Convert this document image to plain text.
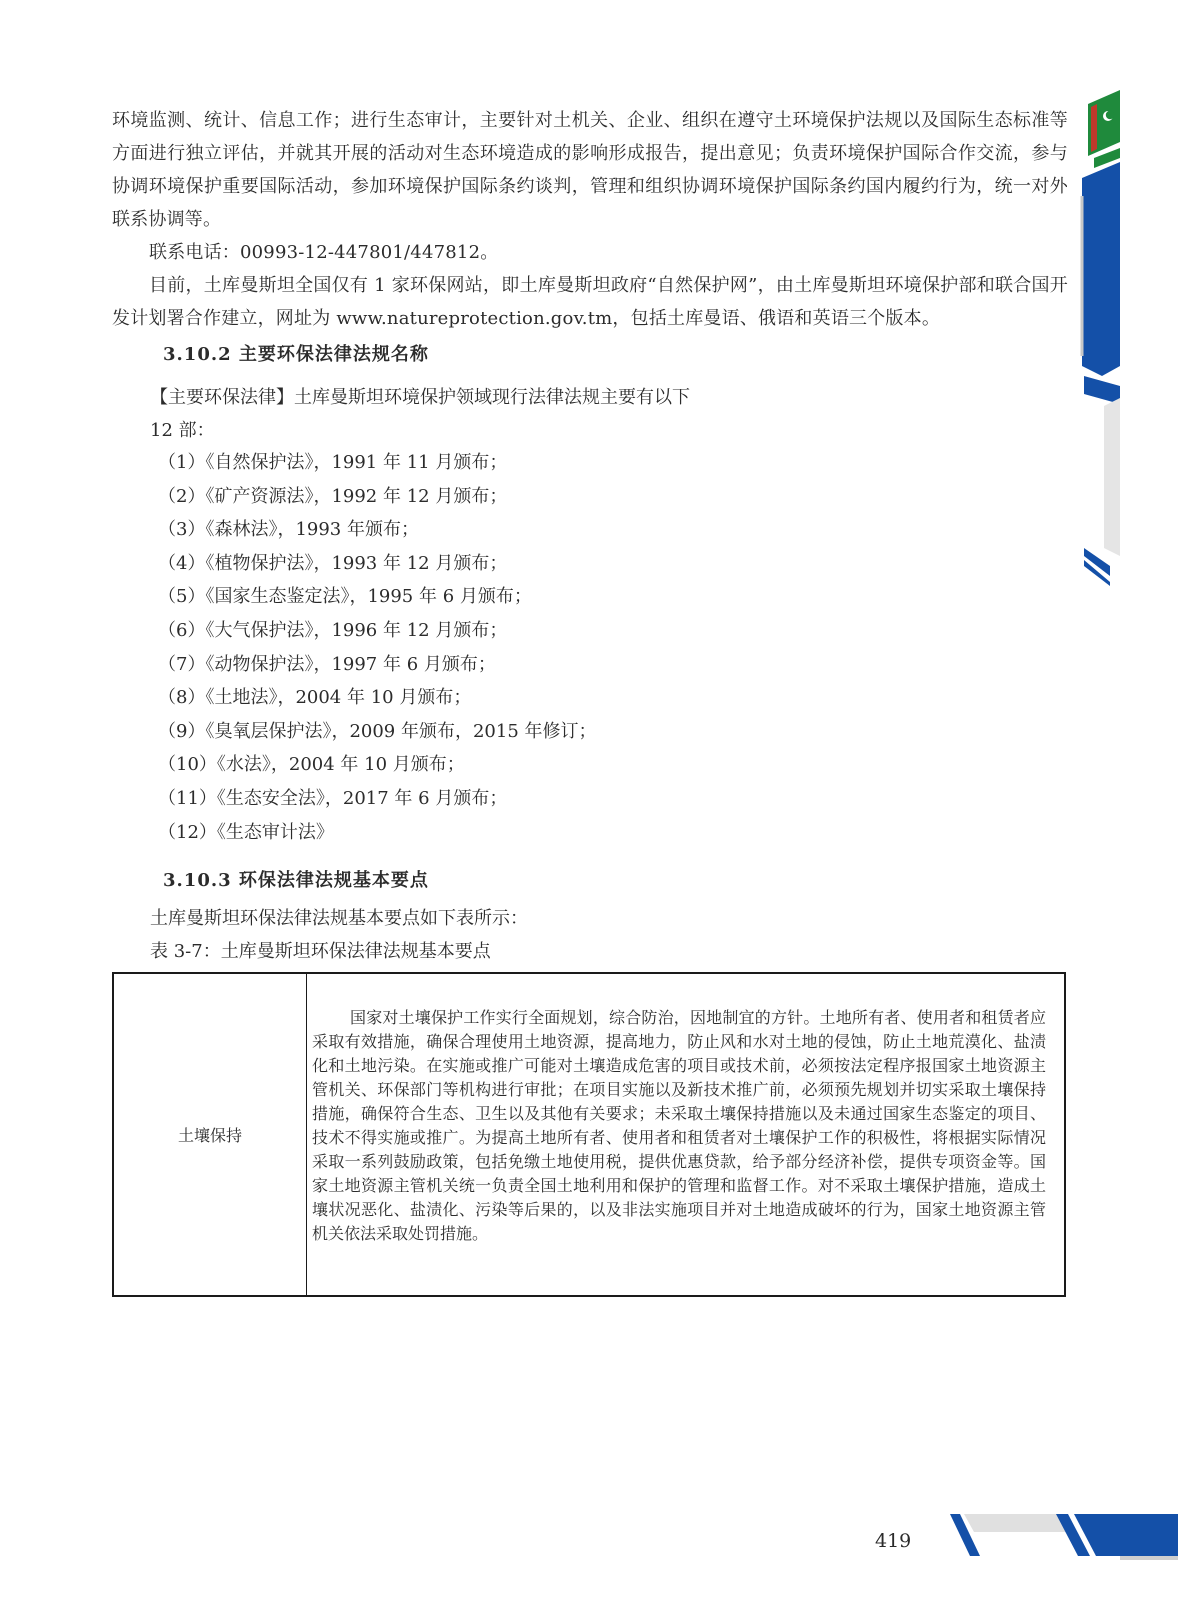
环境监测、统计、信息工作；进行生态审计，主要针对土机关、企业、组织在遵守土环境保护法规以及国际生态标准等方面进行独立评估，并就其开展的活动对生态环境造成的影响形成报告，提出意见；负责环境保护国际合作交流，参与协调环境保护重要国际活动，参加环境保护国际条约谈判，管理和组织协调环境保护国际条约国内履约行为，统一对外联系协调等。

联系电话：00993-12-447801/447812。

目前，土库曼斯坦全国仅有 1 家环保网站，即土库曼斯坦政府“自然保护网”，由土库曼斯坦环境保护部和联合国开发计划署合作建立，网址为 www.natureprotection.gov.tm，包括土库曼语、俄语和英语三个版本。

3.10.2 主要环保法律法规名称
【主要环保法律】土库曼斯坦环境保护领域现行法律法规主要有以下
12 部：
（1）《自然保护法》，1991 年 11 月颁布；
（2）《矿产资源法》，1992 年 12 月颁布；
（3）《森林法》，1993 年颁布；
（4）《植物保护法》，1993 年 12 月颁布；
（5）《国家生态鉴定法》，1995 年 6 月颁布；
（6）《大气保护法》，1996 年 12 月颁布；
（7）《动物保护法》，1997 年 6 月颁布；
（8）《土地法》，2004 年 10 月颁布；
（9）《臭氧层保护法》，2009 年颁布，2015 年修订；
（10）《水法》，2004 年 10 月颁布；
（11）《生态安全法》，2017 年 6 月颁布；
（12）《生态审计法》
3.10.3 环保法律法规基本要点
土库曼斯坦环保法律法规基本要点如下表所示：
表 3-7：土库曼斯坦环保法律法规基本要点
土壤保持
国家对土壤保护工作实行全面规划，综合防治，因地制宜的方针。土地所有者、使用者和租赁者应采取有效措施，确保合理使用土地资源，提高地力，防止风和水对土地的侵蚀，防止土地荒漠化、盐渍化和土地污染。在实施或推广可能对土壤造成危害的项目或技术前，必须按法定程序报国家土地资源主管机关、环保部门等机构进行审批；在项目实施以及新技术推广前，必须预先规划并切实采取土壤保持措施，确保符合生态、卫生以及其他有关要求；未采取土壤保持措施以及未通过国家生态鉴定的项目、技术不得实施或推广。为提高土地所有者、使用者和租赁者对土壤保护工作的积极性，将根据实际情况采取一系列鼓励政策，包括免缴土地使用税，提供优惠贷款，给予部分经济补偿，提供专项资金等。国家土地资源主管机关统一负责全国土地利用和保护的管理和监督工作。对不采取土壤保护措施，造成土壤状况恶化、盐渍化、污染等后果的，以及非法实施项目并对土地造成破坏的行为，国家土地资源主管机关依法采取处罚措施。
419
